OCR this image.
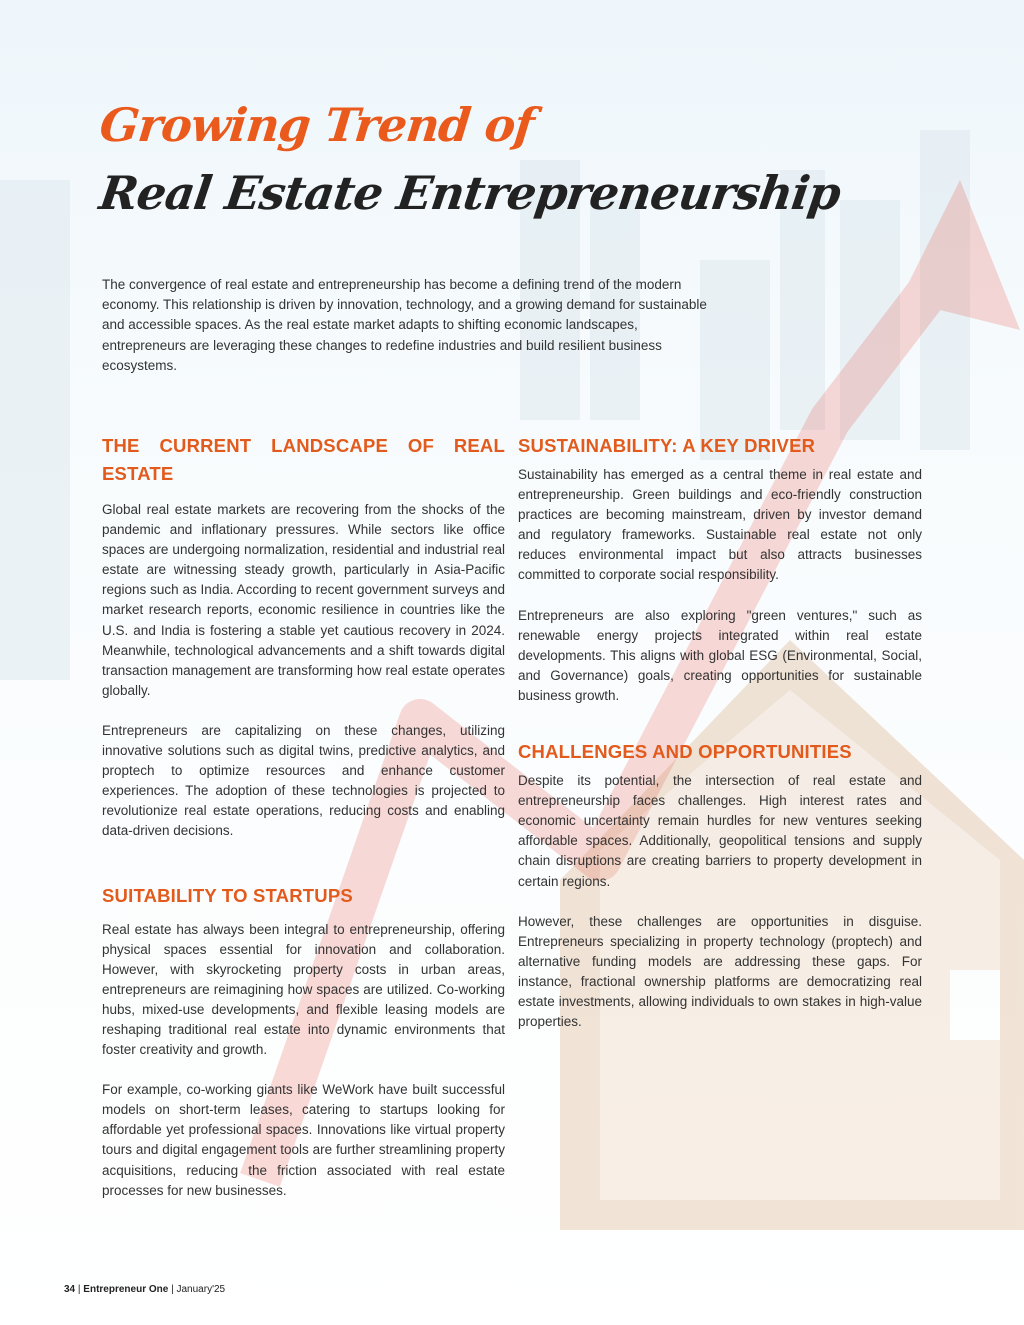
Growing Trend of
Real Estate Entrepreneurship

The convergence of real estate and entrepreneurship has become a defining trend of the modern economy. This relationship is driven by innovation, technology, and a growing demand for sustainable and accessible spaces. As the real estate market adapts to shifting economic landscapes, entrepreneurs are leveraging these changes to redefine industries and build resilient business ecosystems.

THE CURRENT LANDSCAPE OF REAL
ESTATE

Global real estate markets are recovering from the shocks of the pandemic and inflationary pressures. While sectors like office spaces are undergoing normalization, residential and industrial real estate are witnessing steady growth, particularly in Asia-Pacific regions such as India. According to recent government surveys and market research reports, economic resilience in countries like the U.S. and India is fostering a stable yet cautious recovery in 2024. Meanwhile, technological advancements and a shift towards digital transaction management are transforming how real estate operates globally.

Entrepreneurs are capitalizing on these changes, utilizing innovative solutions such as digital twins, predictive analytics, and proptech to optimize resources and enhance customer experiences. The adoption of these technologies is projected to revolutionize real estate operations, reducing costs and enabling data-driven decisions.

SUITABILITY TO STARTUPS

Real estate has always been integral to entrepreneurship, offering physical spaces essential for innovation and collaboration. However, with skyrocketing property costs in urban areas, entrepreneurs are reimagining how spaces are utilized. Co-working hubs, mixed-use developments, and flexible leasing models are reshaping traditional real estate into dynamic environments that foster creativity and growth.

For example, co-working giants like WeWork have built successful models on short-term leases, catering to startups looking for affordable yet professional spaces. Innovations like virtual property tours and digital engagement tools are further streamlining property acquisitions, reducing the friction associated with real estate processes for new businesses.

SUSTAINABILITY: A KEY DRIVER

Sustainability has emerged as a central theme in real estate and entrepreneurship. Green buildings and eco-friendly construction practices are becoming mainstream, driven by investor demand and regulatory frameworks. Sustainable real estate not only reduces environmental impact but also attracts businesses committed to corporate social responsibility.

Entrepreneurs are also exploring "green ventures," such as renewable energy projects integrated within real estate developments. This aligns with global ESG (Environmental, Social, and Governance) goals, creating opportunities for sustainable business growth.

CHALLENGES AND OPPORTUNITIES

Despite its potential, the intersection of real estate and entrepreneurship faces challenges. High interest rates and economic uncertainty remain hurdles for new ventures seeking affordable spaces. Additionally, geopolitical tensions and supply chain disruptions are creating barriers to property development in certain regions.

However, these challenges are opportunities in disguise. Entrepreneurs specializing in property technology (proptech) and alternative funding models are addressing these gaps. For instance, fractional ownership platforms are democratizing real estate investments, allowing individuals to own stakes in high-value properties.

34 | Entrepreneur One | January'25
